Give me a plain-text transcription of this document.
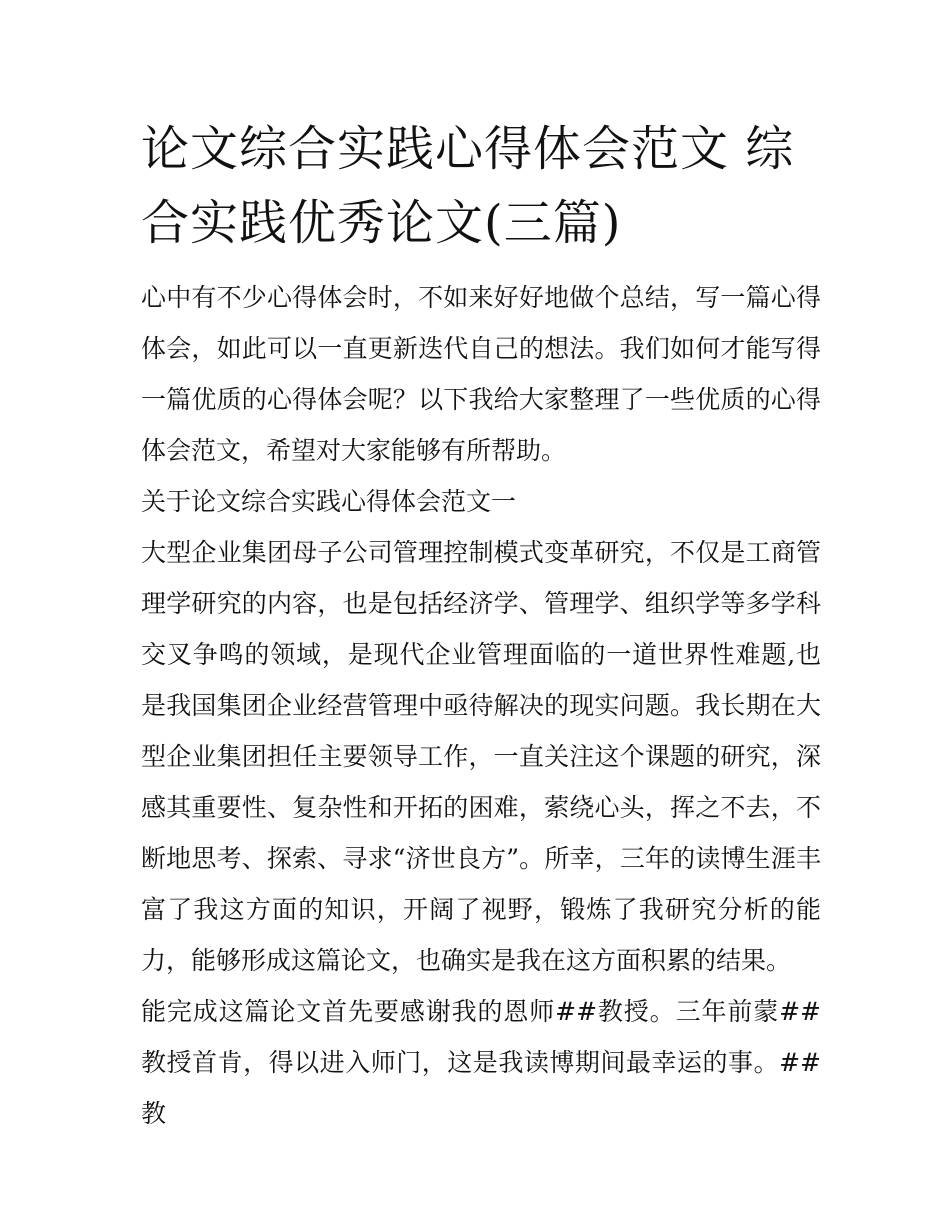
论文综合实践心得体会范文 综合实践优秀论文(三篇)

心中有不少心得体会时，不如来好好地做个总结，写一篇心得体会，如此可以一直更新迭代自己的想法。我们如何才能写得一篇优质的心得体会呢？以下我给大家整理了一些优质的心得体会范文，希望对大家能够有所帮助。

关于论文综合实践心得体会范文一

大型企业集团母子公司管理控制模式变革研究，不仅是工商管理学研究的内容，也是包括经济学、管理学、组织学等多学科交叉争鸣的领域，是现代企业管理面临的一道世界性难题,也是我国集团企业经营管理中亟待解决的现实问题。我长期在大型企业集团担任主要领导工作，一直关注这个课题的研究，深感其重要性、复杂性和开拓的困难，萦绕心头，挥之不去，不断地思考、探索、寻求“济世良方”。所幸，三年的读博生涯丰富了我这方面的知识，开阔了视野，锻炼了我研究分析的能力，能够形成这篇论文，也确实是我在这方面积累的结果。

能完成这篇论文首先要感谢我的恩师##教授。三年前蒙##教授首肯，得以进入师门，这是我读博期间最幸运的事。##教
